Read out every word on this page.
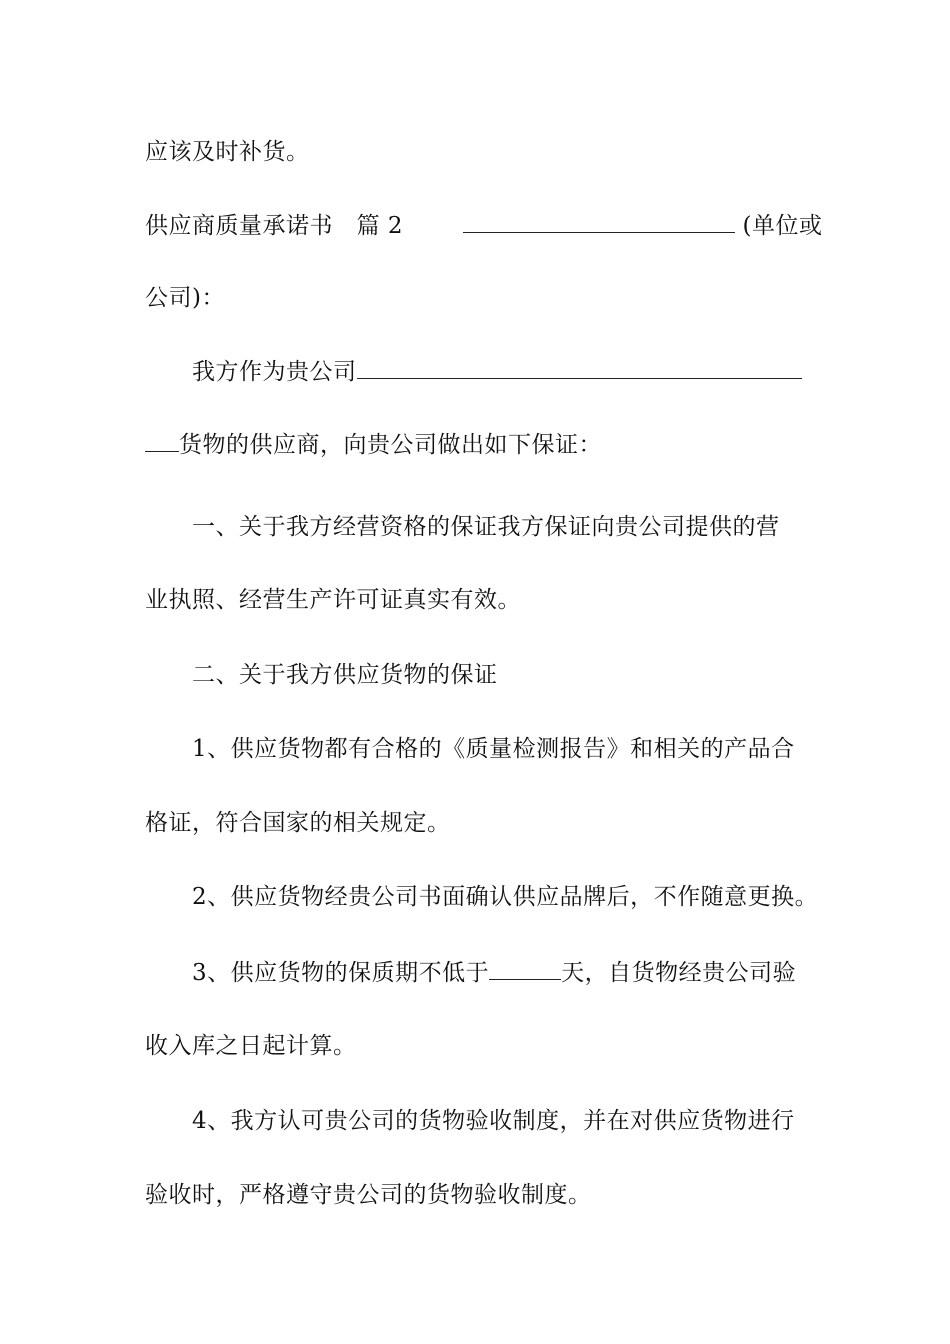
应该及时补货。
供应商质量承诺书 篇 2	(单位或
公司)：
我方作为贵公司
货物的供应商，向贵公司做出如下保证：
一、关于我方经营资格的保证我方保证向贵公司提供的营
业执照、经营生产许可证真实有效。
二、关于我方供应货物的保证
1、供应货物都有合格的《质量检测报告》和相关的产品合
格证，符合国家的相关规定。
2、供应货物经贵公司书面确认供应品牌后，不作随意更换。
3、供应货物的保质期不低于	天，自货物经贵公司验
收入库之日起计算。
4、我方认可贵公司的货物验收制度，并在对供应货物进行
验收时，严格遵守贵公司的货物验收制度。
